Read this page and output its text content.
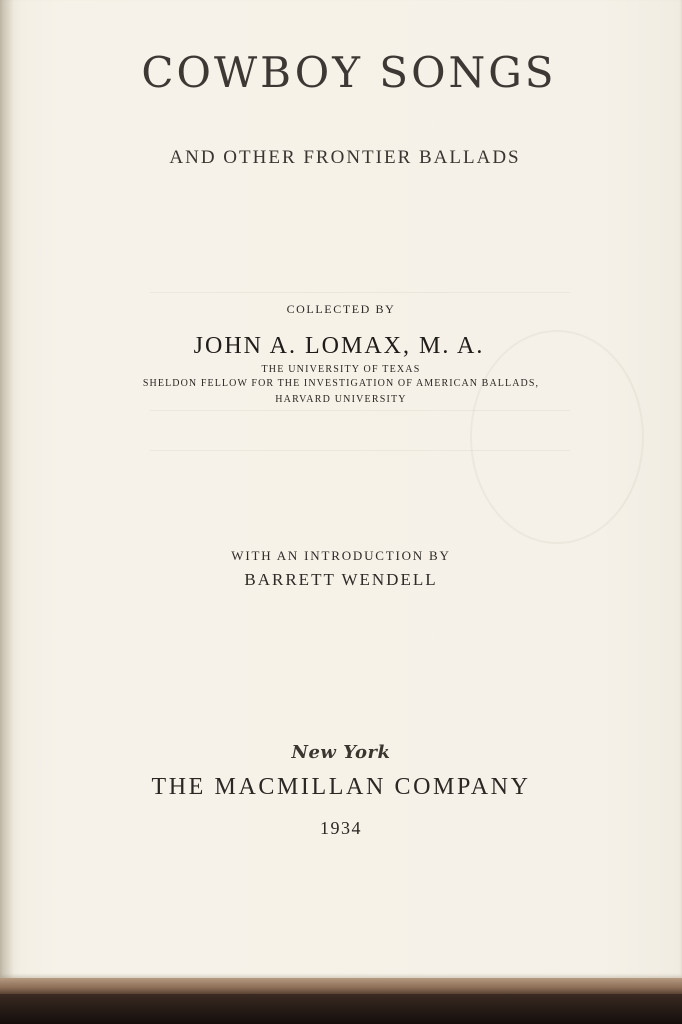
COWBOY SONGS
AND OTHER FRONTIER BALLADS
COLLECTED BY
JOHN A. LOMAX, M. A.
THE UNIVERSITY OF TEXAS
SHELDON FELLOW FOR THE INVESTIGATION OF AMERICAN BALLADS,
HARVARD UNIVERSITY
WITH AN INTRODUCTION BY
BARRETT WENDELL
New York
THE MACMILLAN COMPANY
1934
